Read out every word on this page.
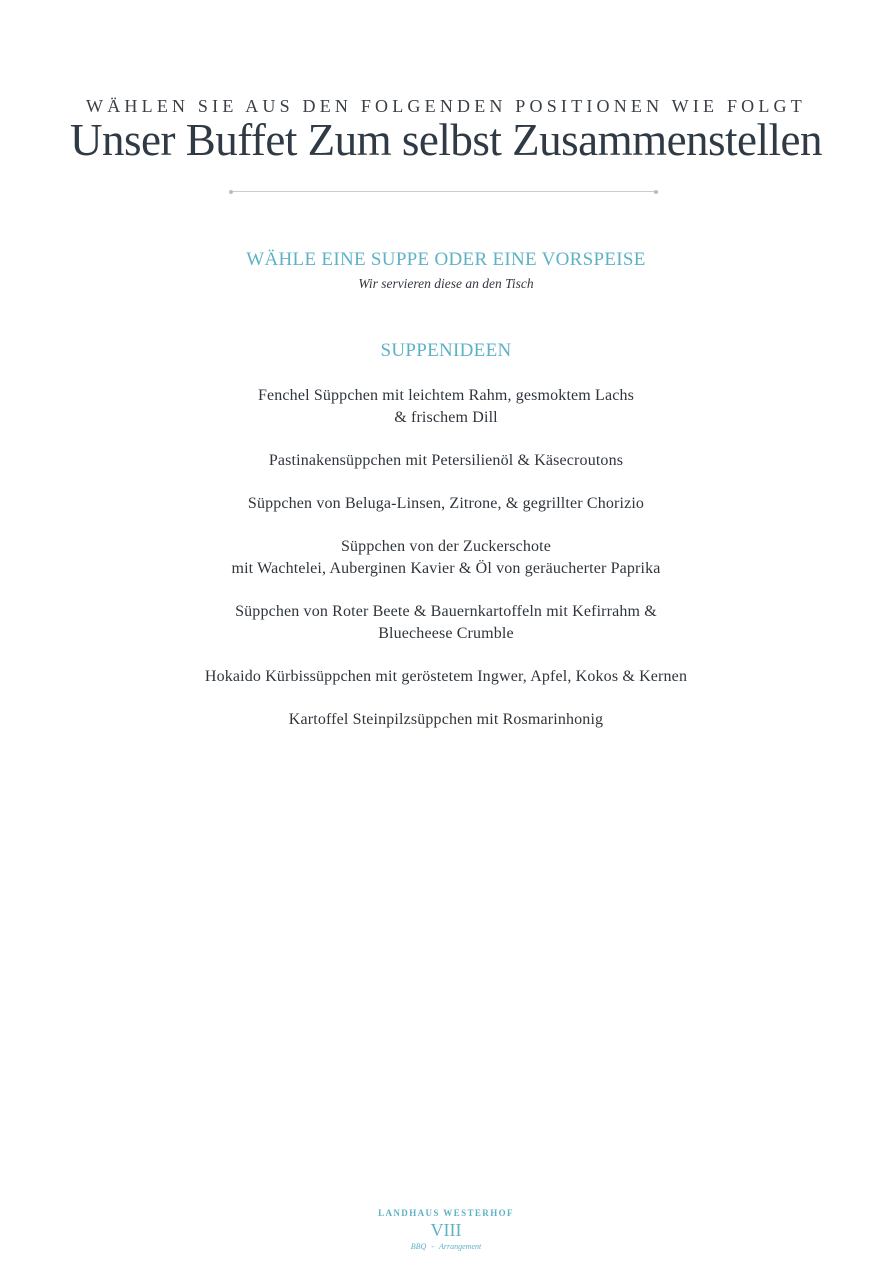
WÄHLEN SIE AUS DEN FOLGENDEN POSITIONEN WIE FOLGT
Unser Buffet Zum selbst Zusammenstellen
WÄHLE EINE SUPPE ODER EINE VORSPEISE
Wir servieren diese an den Tisch
SUPPENIDEEN
Fenchel Süppchen mit leichtem Rahm, gesmoktem Lachs
& frischem Dill
Pastinakensüppchen mit Petersilienöl & Käsecroutons
Süppchen von Beluga-Linsen, Zitrone, & gegrillter Chorizio
Süppchen von der Zuckerschote
mit Wachtelei, Auberginen Kavier & Öl von geräucherter Paprika
Süppchen von Roter Beete & Bauernkartoffeln mit Kefirrahm &
Bluecheese Crumble
Hokaido Kürbissüppchen mit geröstetem Ingwer, Apfel, Kokos & Kernen
Kartoffel Steinpilzsüppchen mit Rosmarinhonig
LANDHAUS WESTERHOF
VIII
BBQ - Arrangement
